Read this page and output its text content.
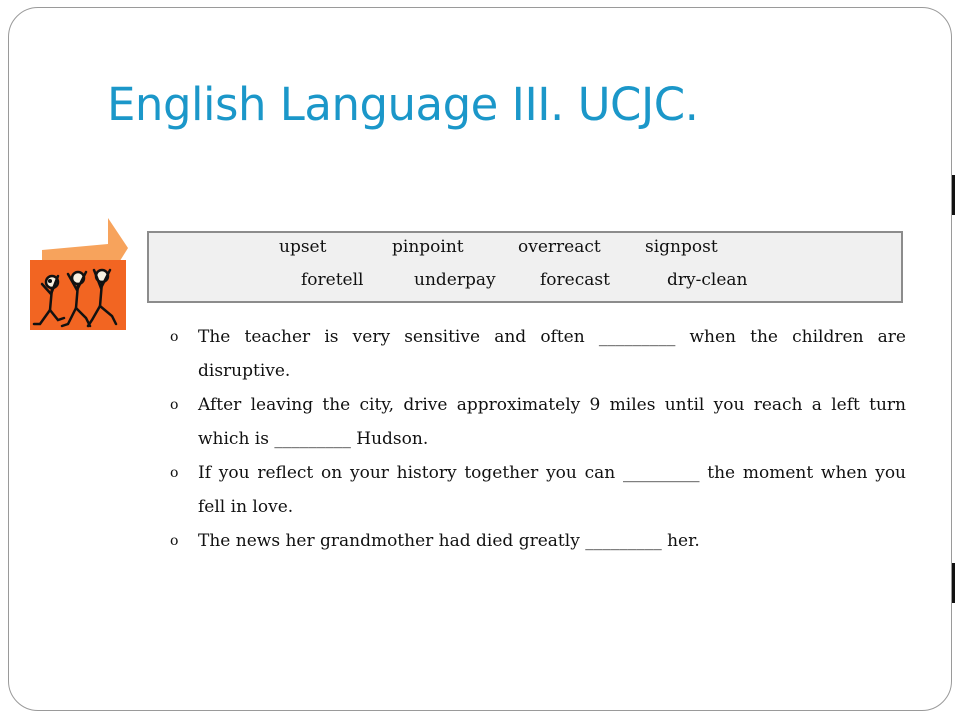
English Language III. UCJC.
upset	pinpoint	overreact	signpost
foretell	underpay	forecast	dry-clean
o The teacher is very sensitive and often _________ when the children are
disruptive.
o After leaving the city, drive approximately 9 miles until you reach a left turn
which is _________ Hudson.
o If you reflect on your history together you can _________ the moment when you
fell in love.
o The news her grandmother had died greatly _________ her.
